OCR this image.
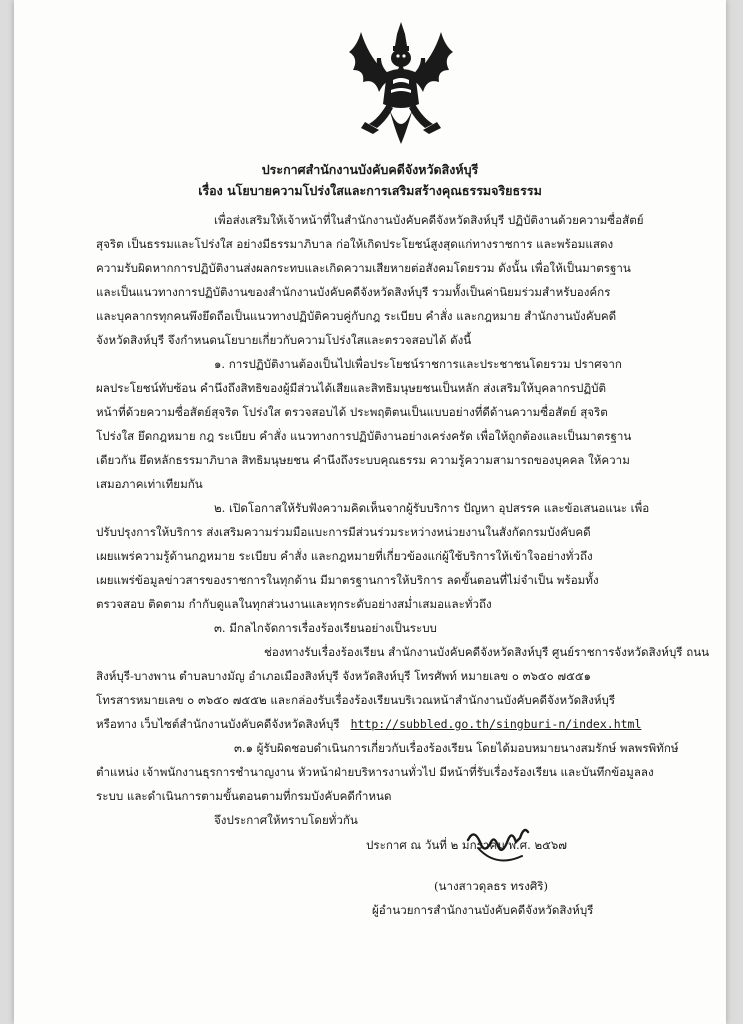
ประกาศสำนักงานบังคับคดีจังหวัดสิงห์บุรี
เรื่อง นโยบายความโปร่งใสและการเสริมสร้างคุณธรรมจริยธรรม
เพื่อส่งเสริมให้เจ้าหน้าที่ในสำนักงานบังคับคดีจังหวัดสิงห์บุรี ปฏิบัติงานด้วยความซื่อสัตย์
สุจริต เป็นธรรมและโปร่งใส อย่างมีธรรมาภิบาล ก่อให้เกิดประโยชน์สูงสุดแก่ทางราชการ และพร้อมแสดง
ความรับผิดหากการปฏิบัติงานส่งผลกระทบและเกิดความเสียหายต่อสังคมโดยรวม ดังนั้น เพื่อให้เป็นมาตรฐาน
และเป็นแนวทางการปฏิบัติงานของสำนักงานบังคับคดีจังหวัดสิงห์บุรี รวมทั้งเป็นค่านิยมร่วมสำหรับองค์กร
และบุคลากรทุกคนพึงยึดถือเป็นแนวทางปฏิบัติควบคู่กับกฎ ระเบียบ คำสั่ง และกฎหมาย สำนักงานบังคับคดี
จังหวัดสิงห์บุรี จึงกำหนดนโยบายเกี่ยวกับความโปร่งใสและตรวจสอบได้ ดังนี้
๑. การปฏิบัติงานต้องเป็นไปเพื่อประโยชน์ราชการและประชาชนโดยรวม ปราศจาก
ผลประโยชน์ทับซ้อน คำนึงถึงสิทธิของผู้มีส่วนได้เสียและสิทธิมนุษยชนเป็นหลัก ส่งเสริมให้บุคลากรปฏิบัติ
หน้าที่ด้วยความซื่อสัตย์สุจริต โปร่งใส ตรวจสอบได้ ประพฤติตนเป็นแบบอย่างที่ดีด้านความซื่อสัตย์ สุจริต
โปร่งใส ยึดกฎหมาย กฎ ระเบียบ คำสั่ง แนวทางการปฏิบัติงานอย่างเคร่งครัด เพื่อให้ถูกต้องและเป็นมาตรฐาน
เดียวกัน ยึดหลักธรรมาภิบาล สิทธิมนุษยชน คำนึงถึงระบบคุณธรรม ความรู้ความสามารถของบุคคล ให้ความ
เสมอภาคเท่าเทียมกัน
๒. เปิดโอกาสให้รับฟังความคิดเห็นจากผู้รับบริการ ปัญหา อุปสรรค และข้อเสนอแนะ เพื่อ
ปรับปรุงการให้บริการ ส่งเสริมความร่วมมือแบะการมีส่วนร่วมระหว่างหน่วยงานในสังกัดกรมบังคับคดี
เผยแพร่ความรู้ด้านกฎหมาย ระเบียบ คำสั่ง และกฎหมายที่เกี่ยวข้องแก่ผู้ใช้บริการให้เข้าใจอย่างทั่วถึง
เผยแพร่ข้อมูลข่าวสารของราชการในทุกด้าน มีมาตรฐานการให้บริการ ลดขั้นตอนที่ไม่จำเป็น พร้อมทั้ง
ตรวจสอบ ติดตาม กำกับดูแลในทุกส่วนงานและทุกระดับอย่างสม่ำเสมอและทั่วถึง
๓. มีกลไกจัดการเรื่องร้องเรียนอย่างเป็นระบบ
ช่องทางรับเรื่องร้องเรียน สำนักงานบังคับคดีจังหวัดสิงห์บุรี ศูนย์ราชการจังหวัดสิงห์บุรี ถนน
สิงห์บุรี-บางพาน ตำบลบางมัญ อำเภอเมืองสิงห์บุรี จังหวัดสิงห์บุรี โทรศัพท์ หมายเลข ๐ ๓๖๕๐ ๗๕๕๑
โทรสารหมายเลข ๐ ๓๖๕๐ ๗๕๕๒ และกล่องรับเรื่องร้องเรียนบริเวณหน้าสำนักงานบังคับคดีจังหวัดสิงห์บุรี
หรือทาง เว็บไซต์สำนักงานบังคับคดีจังหวัดสิงห์บุรี http://subbled.go.th/singburi-n/index.html
๓.๑ ผู้รับผิดชอบดำเนินการเกี่ยวกับเรื่องร้องเรียน โดยได้มอบหมายนางสมรักษ์ พลพรพิทักษ์
ตำแหน่ง เจ้าพนักงานธุรการชำนาญงาน หัวหน้าฝ่ายบริหารงานทั่วไป มีหน้าที่รับเรื่องร้องเรียน และบันทึกข้อมูลลง
ระบบ และดำเนินการตามขั้นตอนตามที่กรมบังคับคดีกำหนด
จึงประกาศให้ทราบโดยทั่วกัน
ประกาศ ณ วันที่ ๒ มกราคม พ.ศ. ๒๕๖๗
(นางสาวดุลธร ทรงศิริ)
ผู้อำนวยการสำนักงานบังคับคดีจังหวัดสิงห์บุรี
